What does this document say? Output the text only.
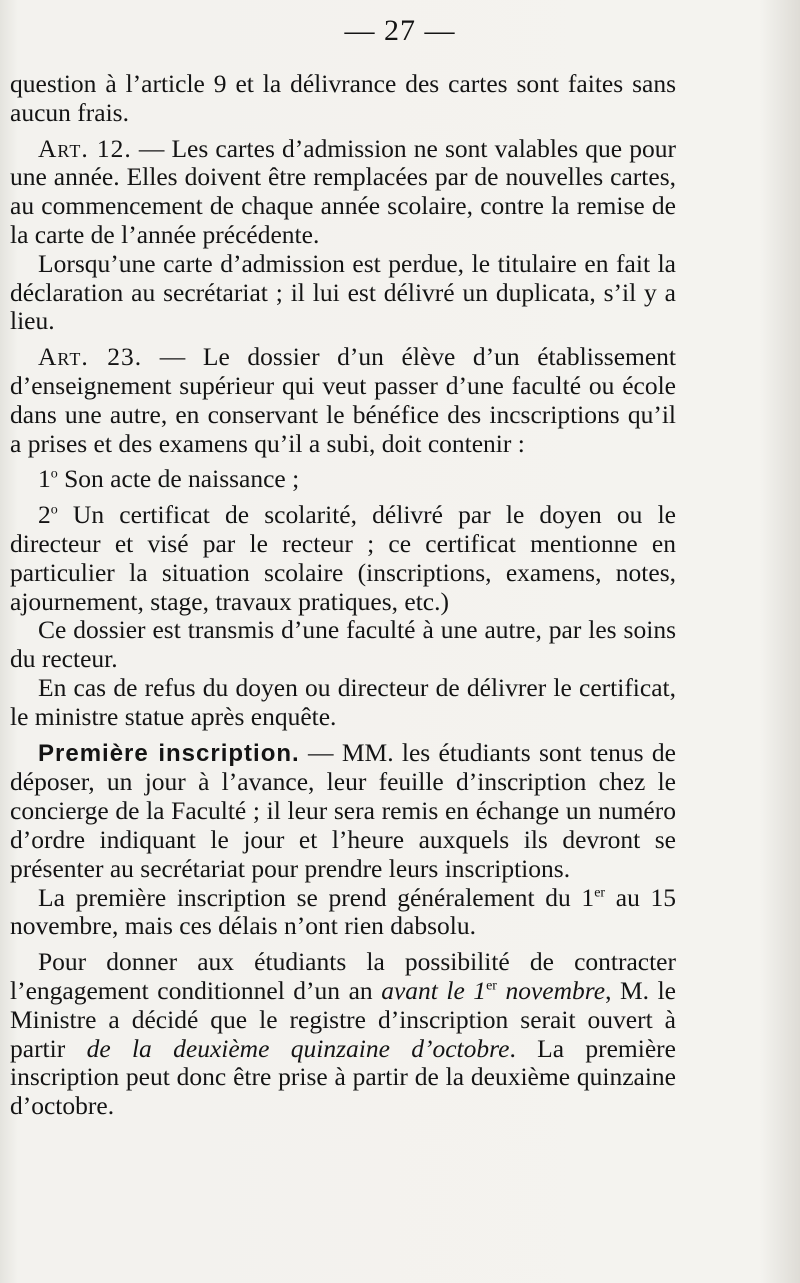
— 27 —

question à l’article 9 et la délivrance des cartes sont faites sans aucun frais.

Art. 12. — Les cartes d’admission ne sont valables que pour une année. Elles doivent être remplacées par de nouvelles cartes, au commencement de chaque année scolaire, contre la remise de la carte de l’année précédente.

Lorsqu’une carte d’admission est perdue, le titulaire en fait la déclaration au secrétariat ; il lui est délivré un duplicata, s’il y a lieu.

Art. 23. — Le dossier d’un élève d’un établissement d’enseignement supérieur qui veut passer d’une faculté ou école dans une autre, en conservant le bénéfice des incscriptions qu’il a prises et des examens qu’il a subi, doit contenir :

1$^o$ Son acte de naissance ;

2$^o$ Un certificat de scolarité, délivré par le doyen ou le directeur et visé par le recteur ; ce certificat mentionne en particulier la situation scolaire (inscriptions, examens, notes, ajournement, stage, travaux pratiques, etc.)

Ce dossier est transmis d’une faculté à une autre, par les soins du recteur.

En cas de refus du doyen ou directeur de délivrer le certificat, le ministre statue après enquête.

Première inscription. — MM. les étudiants sont tenus de déposer, un jour à l’avance, leur feuille d’inscription chez le concierge de la Faculté ; il leur sera remis en échange un numéro d’ordre indiquant le jour et l’heure auxquels ils devront se présenter au secrétariat pour prendre leurs inscriptions.

La première inscription se prend généralement du 1er au 15 novembre, mais ces délais n’ont rien dabsolu.

Pour donner aux étudiants la possibilité de contracter l’engagement conditionnel d’un an avant le 1er novembre, M. le Ministre a décidé que le registre d’inscription serait ouvert à partir de la deuxième quinzaine d’octobre. La première inscription peut donc être prise à partir de la deuxième quinzaine d’octobre.
